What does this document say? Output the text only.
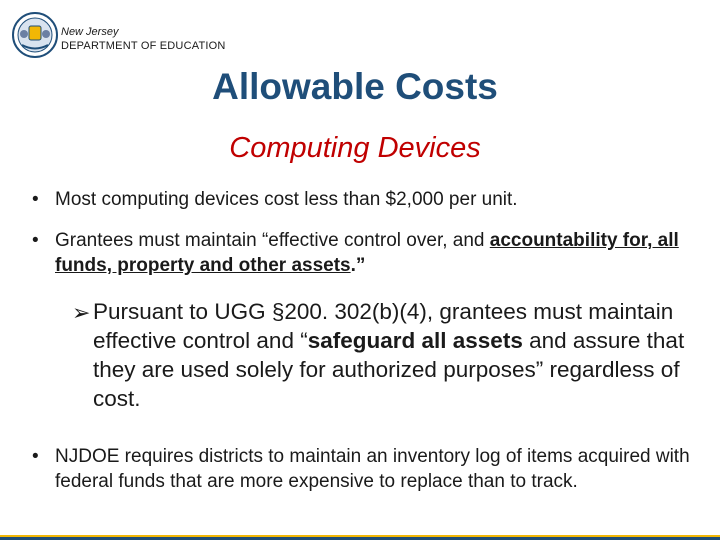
New Jersey
DEPARTMENT OF EDUCATION
Allowable Costs
Computing Devices
• Most computing devices cost less than $2,000 per unit.
• Grantees must maintain “effective control over, and accountability for, all funds, property and other assets.”
➢ Pursuant to UGG §200. 302(b)(4), grantees must maintain effective control and “safeguard all assets and assure that they are used solely for authorized purposes” regardless of cost.
• NJDOE requires districts to maintain an inventory log of items acquired with federal funds that are more expensive to replace than to track.
